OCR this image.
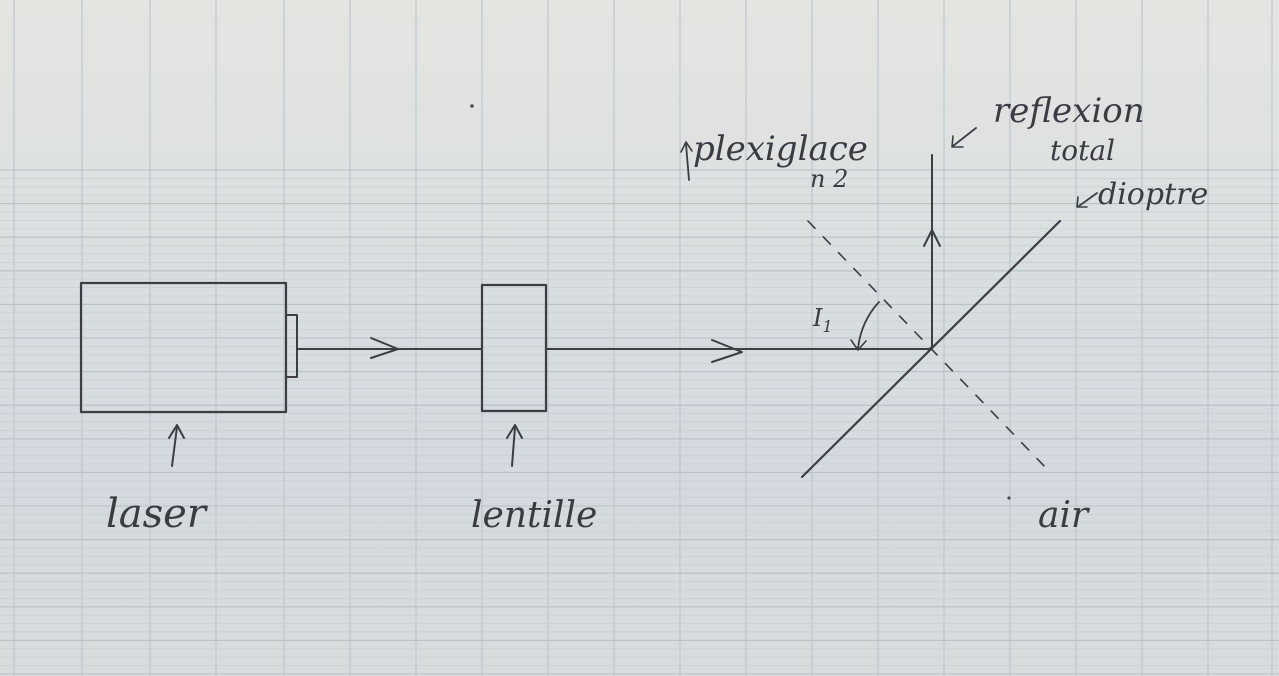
laser	lentille
plexiglace
n 2
reflexion
total
dioptre
air
$I_1$
